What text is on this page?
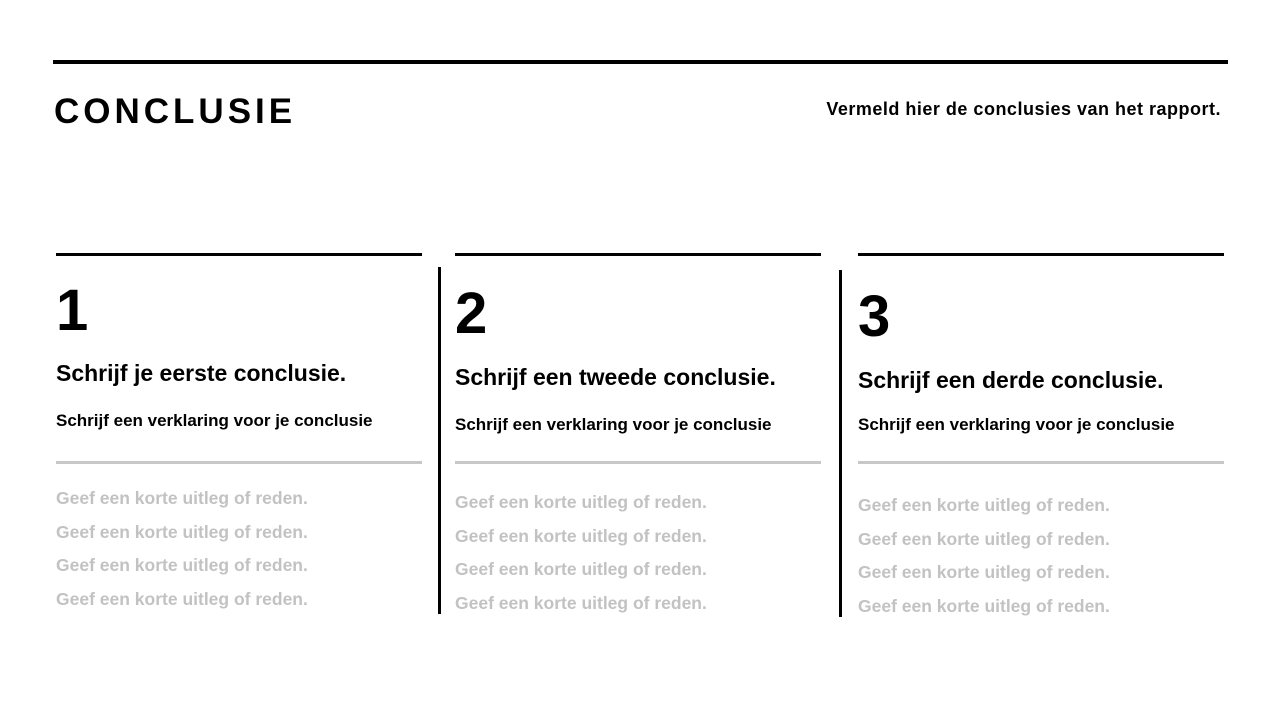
CONCLUSIE	Vermeld hier de conclusies van het rapport.

1
Schrijf je eerste conclusie.
Schrijf een verklaring voor je conclusie
Geef een korte uitleg of reden.
Geef een korte uitleg of reden.
Geef een korte uitleg of reden.
Geef een korte uitleg of reden.
2
Schrijf een tweede conclusie.
Schrijf een verklaring voor je conclusie
Geef een korte uitleg of reden.
Geef een korte uitleg of reden.
Geef een korte uitleg of reden.
Geef een korte uitleg of reden.
3
Schrijf een derde conclusie.
Schrijf een verklaring voor je conclusie
Geef een korte uitleg of reden.
Geef een korte uitleg of reden.
Geef een korte uitleg of reden.
Geef een korte uitleg of reden.
